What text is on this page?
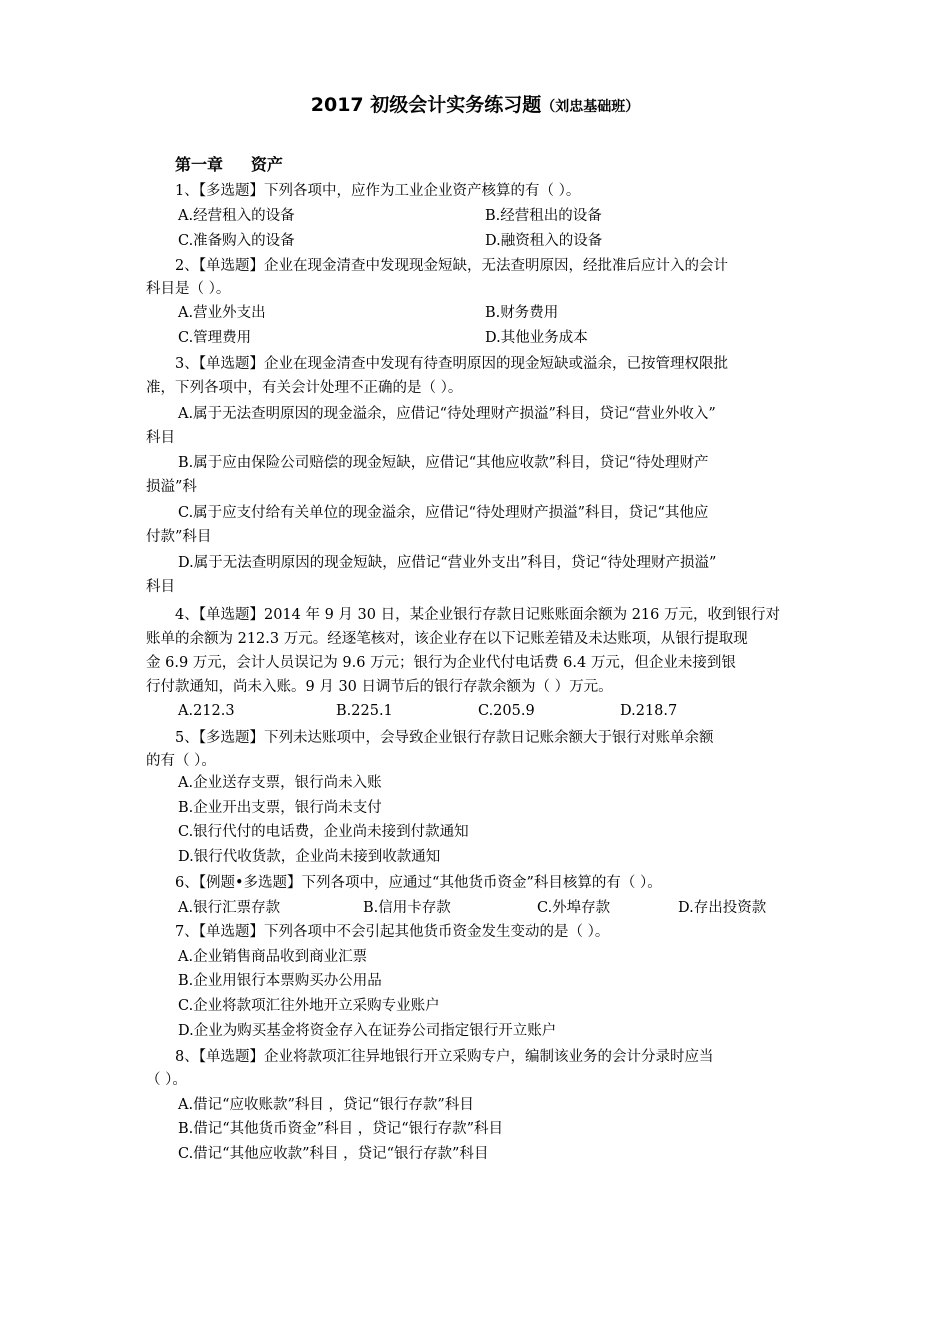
2017 初级会计实务练习题（刘忠基础班）
第一章     资产
1、【多选题】下列各项中，应作为工业企业资产核算的有（ ）。
A.经营租入的设备	B.经营租出的设备
C.准备购入的设备	D.融资租入的设备
2、【单选题】企业在现金清查中发现现金短缺，无法查明原因，经批准后应计入的会计
科目是（ ）。
A.营业外支出	B.财务费用
C.管理费用	D.其他业务成本
3、【单选题】企业在现金清查中发现有待查明原因的现金短缺或溢余，已按管理权限批
准，下列各项中，有关会计处理不正确的是（ ）。
A.属于无法查明原因的现金溢余，应借记“待处理财产损溢”科目，贷记“营业外收入”
科目
B.属于应由保险公司赔偿的现金短缺，应借记“其他应收款”科目，贷记“待处理财产
损溢”科
C.属于应支付给有关单位的现金溢余，应借记“待处理财产损溢”科目，贷记“其他应
付款”科目
D.属于无法查明原因的现金短缺，应借记“营业外支出”科目，贷记“待处理财产损溢”
科目
4、【单选题】2014 年 9 月 30 日，某企业银行存款日记账账面余额为 216 万元，收到银行对
账单的余额为 212.3 万元。经逐笔核对，该企业存在以下记账差错及未达账项，从银行提取现
金 6.9 万元，会计人员误记为 9.6 万元；银行为企业代付电话费 6.4 万元，但企业未接到银
行付款通知，尚未入账。9 月 30 日调节后的银行存款余额为（ ）万元。
A.212.3	B.225.1	C.205.9	D.218.7
5、【多选题】下列未达账项中，会导致企业银行存款日记账余额大于银行对账单余额
的有（ ）。
A.企业送存支票，银行尚未入账
B.企业开出支票，银行尚未支付
C.银行代付的电话费，企业尚未接到付款通知
D.银行代收货款，企业尚未接到收款通知
6、【例题•多选题】下列各项中，应通过“其他货币资金”科目核算的有（ ）。
A.银行汇票存款	B.信用卡存款	C.外埠存款	D.存出投资款
7、【单选题】下列各项中不会引起其他货币资金发生变动的是（ ）。
A.企业销售商品收到商业汇票
B.企业用银行本票购买办公用品
C.企业将款项汇往外地开立采购专业账户
D.企业为购买基金将资金存入在证券公司指定银行开立账户
8、【单选题】企业将款项汇往异地银行开立采购专户，编制该业务的会计分录时应当
（ ）。
A.借记“应收账款”科目 ，贷记“银行存款”科目
B.借记“其他货币资金”科目 ，贷记“银行存款”科目
C.借记“其他应收款”科目 ，贷记“银行存款”科目
